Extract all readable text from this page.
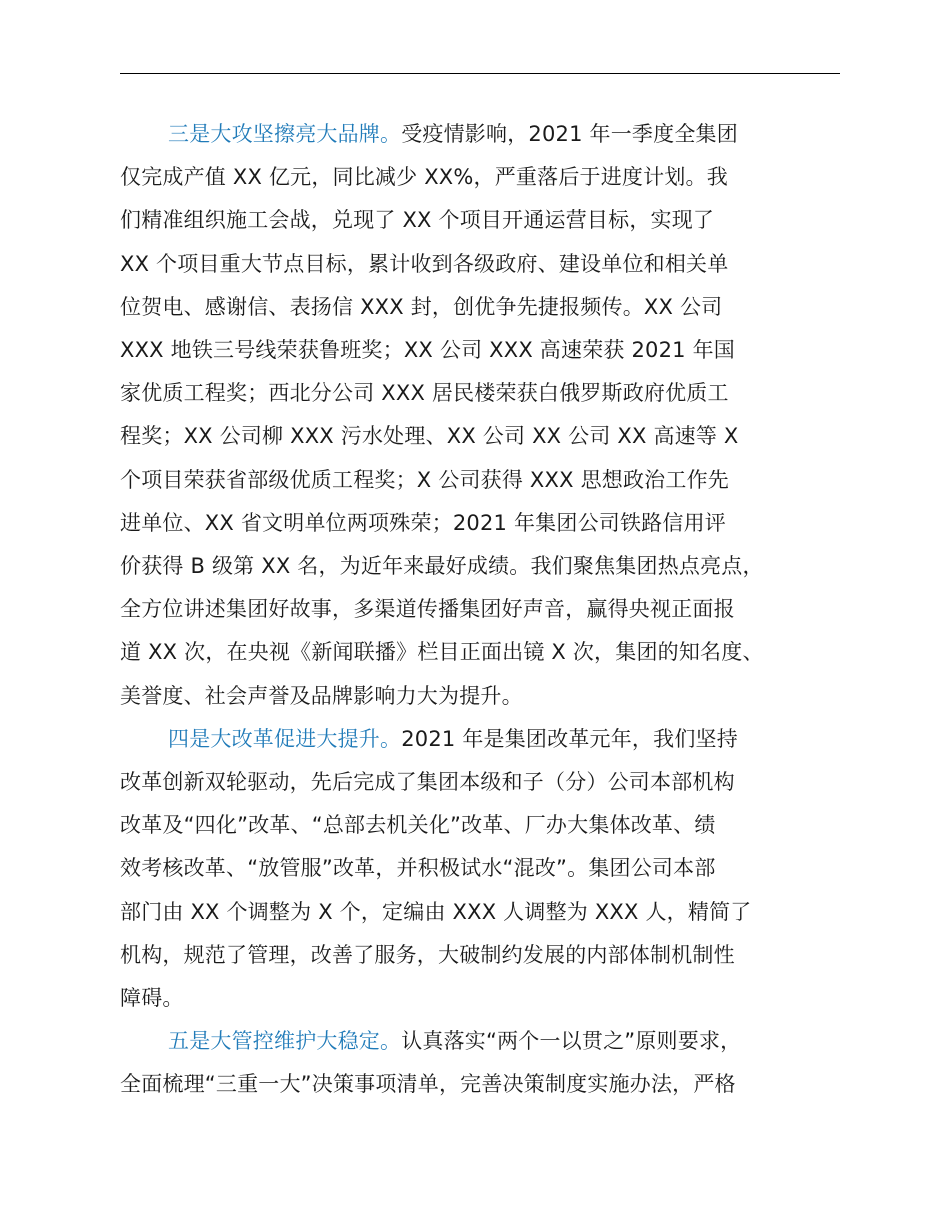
三是大攻坚擦亮大品牌。受疫情影响，2021 年一季度全集团
仅完成产值 XX 亿元，同比减少 XX%，严重落后于进度计划。我
们精准组织施工会战，兑现了 XX 个项目开通运营目标，实现了
XX 个项目重大节点目标，累计收到各级政府、建设单位和相关单
位贺电、感谢信、表扬信 XXX 封，创优争先捷报频传。XX 公司
XXX 地铁三号线荣获鲁班奖；XX 公司 XXX 高速荣获 2021 年国
家优质工程奖；西北分公司 XXX 居民楼荣获白俄罗斯政府优质工
程奖；XX 公司柳 XXX 污水处理、XX 公司 XX 公司 XX 高速等 X
个项目荣获省部级优质工程奖；X 公司获得 XXX 思想政治工作先
进单位、XX 省文明单位两项殊荣；2021 年集团公司铁路信用评
价获得 B 级第 XX 名，为近年来最好成绩。我们聚焦集团热点亮点，
全方位讲述集团好故事，多渠道传播集团好声音，赢得央视正面报
道 XX 次，在央视《新闻联播》栏目正面出镜 X 次，集团的知名度、
美誉度、社会声誉及品牌影响力大为提升。
四是大改革促进大提升。2021 年是集团改革元年，我们坚持
改革创新双轮驱动，先后完成了集团本级和子（分）公司本部机构
改革及“四化”改革、“总部去机关化”改革、厂办大集体改革、绩
效考核改革、“放管服”改革，并积极试水“混改”。集团公司本部
部门由 XX 个调整为 X 个，定编由 XXX 人调整为 XXX 人，精简了
机构，规范了管理，改善了服务，大破制约发展的内部体制机制性
障碍。
五是大管控维护大稳定。认真落实“两个一以贯之”原则要求，
全面梳理“三重一大”决策事项清单，完善决策制度实施办法，严格
